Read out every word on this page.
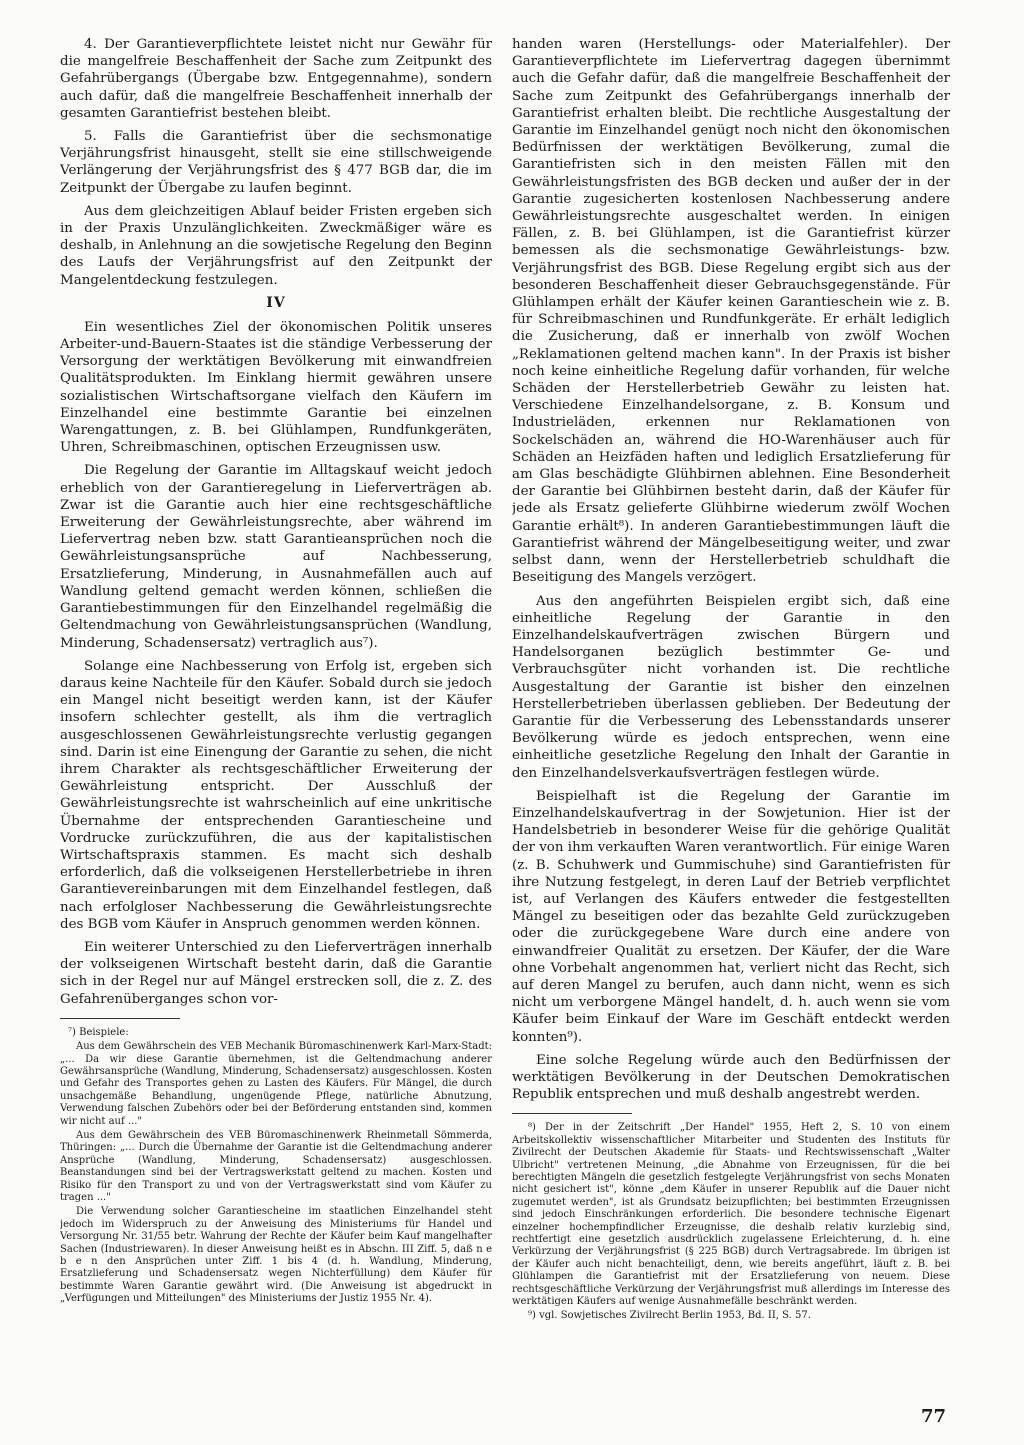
4. Der Garantieverpflichtete leistet nicht nur Gewähr für die mangelfreie Beschaffenheit der Sache zum Zeitpunkt des Gefahrübergangs (Übergabe bzw. Entgegennahme), sondern auch dafür, daß die mangelfreie Beschaffenheit innerhalb der gesamten Garantiefrist bestehen bleibt.

5. Falls die Garantiefrist über die sechsmonatige Verjährungsfrist hinausgeht, stellt sie eine stillschweigende Verlängerung der Verjährungsfrist des § 477 BGB dar, die im Zeitpunkt der Übergabe zu laufen beginnt.

Aus dem gleichzeitigen Ablauf beider Fristen ergeben sich in der Praxis Unzulänglichkeiten. Zweckmäßiger wäre es deshalb, in Anlehnung an die sowjetische Regelung den Beginn des Laufs der Verjährungsfrist auf den Zeitpunkt der Mangelentdeckung festzulegen.

IV

Ein wesentliches Ziel der ökonomischen Politik unseres Arbeiter-und-Bauern-Staates ist die ständige Verbesserung der Versorgung der werktätigen Bevölkerung mit einwandfreien Qualitätsprodukten. Im Einklang hiermit gewähren unsere sozialistischen Wirtschaftsorgane vielfach den Käufern im Einzelhandel eine bestimmte Garantie bei einzelnen Warengattungen, z. B. bei Glühlampen, Rundfunkgeräten, Uhren, Schreibmaschinen, optischen Erzeugnissen usw.

Die Regelung der Garantie im Alltagskauf weicht jedoch erheblich von der Garantieregelung in Lieferverträgen ab. Zwar ist die Garantie auch hier eine rechtsgeschäftliche Erweiterung der Gewährleistungsrechte, aber während im Liefervertrag neben bzw. statt Garantieansprüchen noch die Gewährleistungsansprüche auf Nachbesserung, Ersatzlieferung, Minderung, in Ausnahmefällen auch auf Wandlung geltend gemacht werden können, schließen die Garantiebestimmungen für den Einzelhandel regelmäßig die Geltendmachung von Gewährleistungsansprüchen (Wandlung, Minderung, Schadensersatz) vertraglich aus⁷).

Solange eine Nachbesserung von Erfolg ist, ergeben sich daraus keine Nachteile für den Käufer. Sobald durch sie jedoch ein Mangel nicht beseitigt werden kann, ist der Käufer insofern schlechter gestellt, als ihm die vertraglich ausgeschlossenen Gewährleistungsrechte verlustig gegangen sind. Darin ist eine Einengung der Garantie zu sehen, die nicht ihrem Charakter als rechtsgeschäftlicher Erweiterung der Gewährleistung entspricht. Der Ausschluß der Gewährleistungsrechte ist wahrscheinlich auf eine unkritische Übernahme der entsprechenden Garantiescheine und Vordrucke zurückzuführen, die aus der kapitalistischen Wirtschaftspraxis stammen. Es macht sich deshalb erforderlich, daß die volkseigenen Herstellerbetriebe in ihren Garantievereinbarungen mit dem Einzelhandel festlegen, daß nach erfolgloser Nachbesserung die Gewährleistungsrechte des BGB vom Käufer in Anspruch genommen werden können.

Ein weiterer Unterschied zu den Lieferverträgen innerhalb der volkseigenen Wirtschaft besteht darin, daß die Garantie sich in der Regel nur auf Mängel erstrecken soll, die z. Z. des Gefahrenüberganges schon vor-

⁷) Beispiele:

Aus dem Gewährschein des VEB Mechanik Büromaschinenwerk Karl-Marx-Stadt: „... Da wir diese Garantie übernehmen, ist die Geltendmachung anderer Gewährsansprüche (Wandlung, Minderung, Schadensersatz) ausgeschlossen. Kosten und Gefahr des Transportes gehen zu Lasten des Käufers. Für Mängel, die durch unsachgemäße Behandlung, ungenügende Pflege, natürliche Abnutzung, Verwendung falschen Zubehörs oder bei der Beförderung entstanden sind, kommen wir nicht auf ..."

Aus dem Gewährschein des VEB Büromaschinenwerk Rheinmetall Sömmerda, Thüringen: „... Durch die Übernahme der Garantie ist die Geltendmachung anderer Ansprüche (Wandlung, Minderung, Schadensersatz) ausgeschlossen. Beanstandungen sind bei der Vertragswerkstatt geltend zu machen. Kosten und Risiko für den Transport zu und von der Vertragswerkstatt sind vom Käufer zu tragen ..."

Die Verwendung solcher Garantiescheine im staatlichen Einzelhandel steht jedoch im Widerspruch zu der Anweisung des Ministeriums für Handel und Versorgung Nr. 31/55 betr. Wahrung der Rechte der Käufer beim Kauf mangelhafter Sachen (Industriewaren). In dieser Anweisung heißt es in Abschn. III Ziff. 5, daß n e b e n den Ansprüchen unter Ziff. 1 bis 4 (d. h. Wandlung, Minderung, Ersatzlieferung und Schadensersatz wegen Nichterfüllung) dem Käufer für bestimmte Waren Garantie gewährt wird. (Die Anweisung ist abgedruckt in „Verfügungen und Mitteilungen" des Ministeriums der Justiz 1955 Nr. 4).

handen waren (Herstellungs- oder Materialfehler). Der Garantieverpflichtete im Liefervertrag dagegen übernimmt auch die Gefahr dafür, daß die mangelfreie Beschaffenheit der Sache zum Zeitpunkt des Gefahrübergangs innerhalb der Garantiefrist erhalten bleibt. Die rechtliche Ausgestaltung der Garantie im Einzelhandel genügt noch nicht den ökonomischen Bedürfnissen der werktätigen Bevölkerung, zumal die Garantiefristen sich in den meisten Fällen mit den Gewährleistungsfristen des BGB decken und außer der in der Garantie zugesicherten kostenlosen Nachbesserung andere Gewährleistungsrechte ausgeschaltet werden. In einigen Fällen, z. B. bei Glühlampen, ist die Garantiefrist kürzer bemessen als die sechsmonatige Gewährleistungs- bzw. Verjährungsfrist des BGB. Diese Regelung ergibt sich aus der besonderen Beschaffenheit dieser Gebrauchsgegenstände. Für Glühlampen erhält der Käufer keinen Garantieschein wie z. B. für Schreibmaschinen und Rundfunkgeräte. Er erhält lediglich die Zusicherung, daß er innerhalb von zwölf Wochen „Reklamationen geltend machen kann". In der Praxis ist bisher noch keine einheitliche Regelung dafür vorhanden, für welche Schäden der Herstellerbetrieb Gewähr zu leisten hat. Verschiedene Einzelhandelsorgane, z. B. Konsum und Industrieläden, erkennen nur Reklamationen von Sockelschäden an, während die HO-Warenhäuser auch für Schäden an Heizfäden haften und lediglich Ersatzlieferung für am Glas beschädigte Glühbirnen ablehnen. Eine Besonderheit der Garantie bei Glühbirnen besteht darin, daß der Käufer für jede als Ersatz gelieferte Glühbirne wiederum zwölf Wochen Garantie erhält⁸). In anderen Garantiebestimmungen läuft die Garantiefrist während der Mängelbeseitigung weiter, und zwar selbst dann, wenn der Herstellerbetrieb schuldhaft die Beseitigung des Mangels verzögert.

Aus den angeführten Beispielen ergibt sich, daß eine einheitliche Regelung der Garantie in den Einzelhandelskaufverträgen zwischen Bürgern und Handelsorganen bezüglich bestimmter Ge- und Verbrauchsgüter nicht vorhanden ist. Die rechtliche Ausgestaltung der Garantie ist bisher den einzelnen Herstellerbetrieben überlassen geblieben. Der Bedeutung der Garantie für die Verbesserung des Lebensstandards unserer Bevölkerung würde es jedoch entsprechen, wenn eine einheitliche gesetzliche Regelung den Inhalt der Garantie in den Einzelhandelsverkaufsverträgen festlegen würde.

Beispielhaft ist die Regelung der Garantie im Einzelhandelskaufvertrag in der Sowjetunion. Hier ist der Handelsbetrieb in besonderer Weise für die gehörige Qualität der von ihm verkauften Waren verantwortlich. Für einige Waren (z. B. Schuhwerk und Gummischuhe) sind Garantiefristen für ihre Nutzung festgelegt, in deren Lauf der Betrieb verpflichtet ist, auf Verlangen des Käufers entweder die festgestellten Mängel zu beseitigen oder das bezahlte Geld zurückzugeben oder die zurückgegebene Ware durch eine andere von einwandfreier Qualität zu ersetzen. Der Käufer, der die Ware ohne Vorbehalt angenommen hat, verliert nicht das Recht, sich auf deren Mangel zu berufen, auch dann nicht, wenn es sich nicht um verborgene Mängel handelt, d. h. auch wenn sie vom Käufer beim Einkauf der Ware im Geschäft entdeckt werden konnten⁹).

Eine solche Regelung würde auch den Bedürfnissen der werktätigen Bevölkerung in der Deutschen Demokratischen Republik entsprechen und muß deshalb angestrebt werden.

⁸) Der in der Zeitschrift „Der Handel" 1955, Heft 2, S. 10 von einem Arbeitskollektiv wissenschaftlicher Mitarbeiter und Studenten des Instituts für Zivilrecht der Deutschen Akademie für Staats- und Rechtswissenschaft „Walter Ulbricht" vertretenen Meinung, „die Abnahme von Erzeugnissen, für die bei berechtigten Mängeln die gesetzlich festgelegte Verjährungsfrist von sechs Monaten nicht gesichert ist", könne „dem Käufer in unserer Republik auf die Dauer nicht zugemutet werden", ist als Grundsatz beizupflichten; bei bestimmten Erzeugnissen sind jedoch Einschränkungen erforderlich. Die besondere technische Eigenart einzelner hochempfindlicher Erzeugnisse, die deshalb relativ kurzlebig sind, rechtfertigt eine gesetzlich ausdrücklich zugelassene Erleichterung, d. h. eine Verkürzung der Verjährungsfrist (§ 225 BGB) durch Vertragsabrede. Im übrigen ist der Käufer auch nicht benachteiligt, denn, wie bereits angeführt, läuft z. B. bei Glühlampen die Garantiefrist mit der Ersatzlieferung von neuem. Diese rechtsgeschäftliche Verkürzung der Verjährungsfrist muß allerdings im Interesse des werktätigen Käufers auf wenige Ausnahmefälle beschränkt werden.

⁹) vgl. Sowjetisches Zivilrecht Berlin 1953, Bd. II, S. 57.

77
